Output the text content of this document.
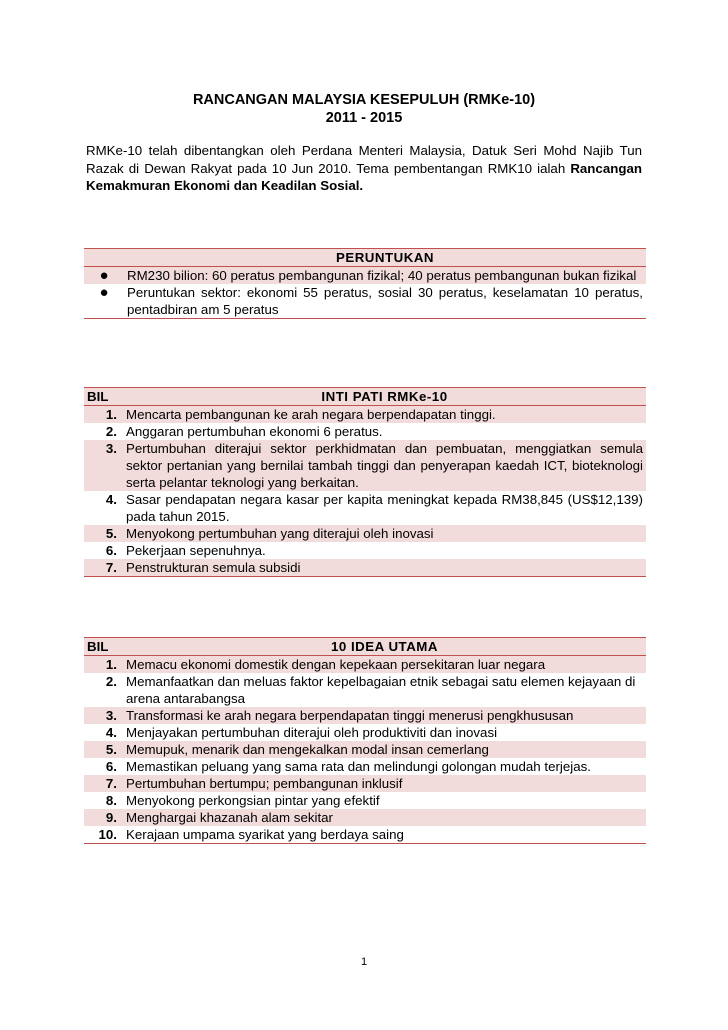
RANCANGAN MALAYSIA KESEPULUH (RMKe-10)
2011 - 2015
RMKe-10 telah dibentangkan oleh Perdana Menteri Malaysia, Datuk Seri Mohd Najib Tun Razak di Dewan Rakyat pada 10 Jun 2010. Tema pembentangan RMK10 ialah Rancangan Kemakmuran Ekonomi dan Keadilan Sosial.
	PERUNTUKAN
●	RM230 bilion: 60 peratus pembangunan fizikal; 40 peratus pembangunan bukan fizikal
●	Peruntukan sektor: ekonomi 55 peratus, sosial 30 peratus, keselamatan 10 peratus, pentadbiran am 5 peratus
BIL	INTI PATI RMKe-10
1.	Mencarta pembangunan ke arah negara berpendapatan tinggi.
2.	Anggaran pertumbuhan ekonomi 6 peratus.
3.	Pertumbuhan diterajui sektor perkhidmatan dan pembuatan, menggiatkan semula sektor pertanian yang bernilai tambah tinggi dan penyerapan kaedah ICT, bioteknologi serta pelantar teknologi yang berkaitan.
4.	Sasar pendapatan negara kasar per kapita meningkat kepada RM38,845 (US$12,139) pada tahun 2015.
5.	Menyokong pertumbuhan yang diterajui oleh inovasi
6.	Pekerjaan sepenuhnya.
7.	Penstrukturan semula subsidi
BIL	10 IDEA UTAMA
1.	Memacu ekonomi domestik dengan kepekaan persekitaran luar negara
2.	Memanfaatkan dan meluas faktor kepelbagaian etnik sebagai satu elemen kejayaan di arena antarabangsa
3.	Transformasi ke arah negara berpendapatan tinggi menerusi pengkhususan
4.	Menjayakan pertumbuhan diterajui oleh produktiviti dan inovasi
5.	Memupuk, menarik dan mengekalkan modal insan cemerlang
6.	Memastikan peluang yang sama rata dan melindungi golongan mudah terjejas.
7.	Pertumbuhan bertumpu; pembangunan inklusif
8.	Menyokong perkongsian pintar yang efektif
9.	Menghargai khazanah alam sekitar
10.	Kerajaan umpama syarikat yang berdaya saing
1
